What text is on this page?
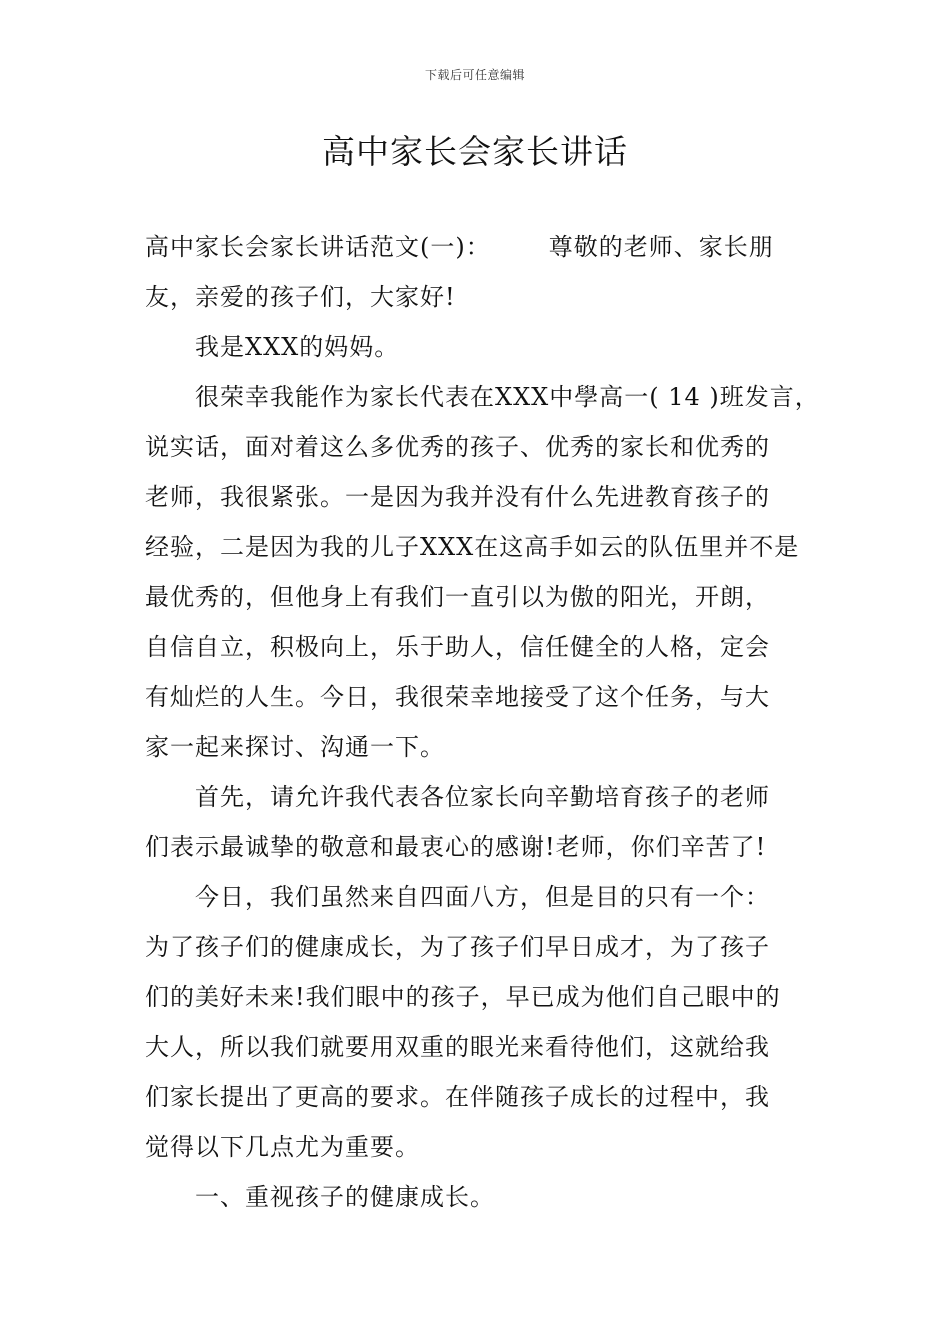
下载后可任意编辑
高中家长会家长讲话
高中家长会家长讲话范文(一)： 尊敬的老师、家长朋
友，亲爱的孩子们，大家好!
我是XXX的妈妈。
很荣幸我能作为家长代表在XXX中學高一( 14 )班发言，
说实话，面对着这么多优秀的孩子、优秀的家长和优秀的
老师，我很紧张。一是因为我并没有什么先进教育孩子的
经验，二是因为我的儿子XXX在这高手如云的队伍里并不是
最优秀的，但他身上有我们一直引以为傲的阳光，开朗，
自信自立，积极向上，乐于助人，信任健全的人格，定会
有灿烂的人生。今日，我很荣幸地接受了这个任务，与大
家一起来探讨、沟通一下。
首先，请允许我代表各位家长向辛勤培育孩子的老师
们表示最诚挚的敬意和最衷心的感谢!老师，你们辛苦了!
今日，我们虽然来自四面八方，但是目的只有一个：
为了孩子们的健康成长，为了孩子们早日成才，为了孩子
们的美好未来!我们眼中的孩子，早已成为他们自己眼中的
大人，所以我们就要用双重的眼光来看待他们，这就给我
们家长提出了更高的要求。在伴随孩子成长的过程中，我
觉得以下几点尤为重要。
一、重视孩子的健康成长。
